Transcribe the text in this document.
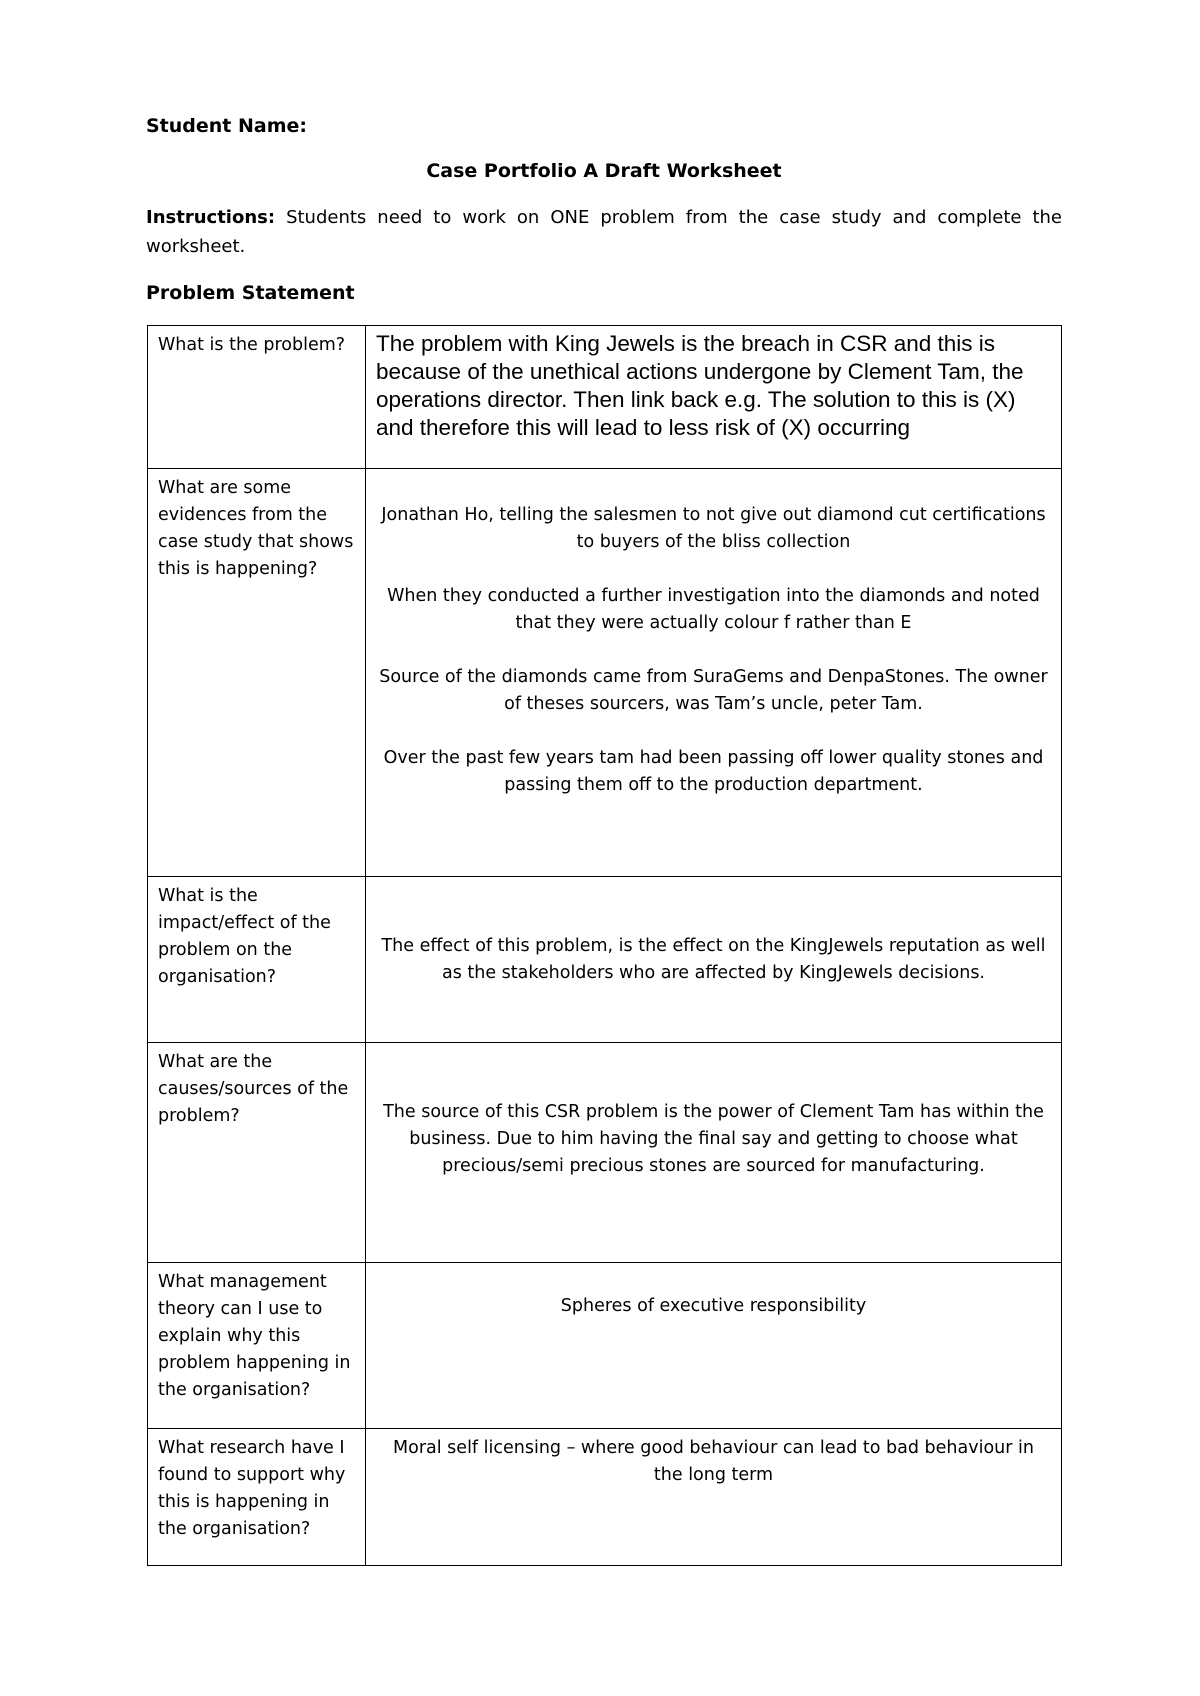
Student Name:
Case Portfolio A Draft Worksheet
Instructions: Students need to work on ONE problem from the case study and complete the worksheet.
Problem Statement
What is the problem?	The problem with King Jewels is the breach in CSR and this is because of the unethical actions undergone by Clement Tam, the operations director. Then link back e.g. The solution to this is (X) and therefore this will lead to less risk of (X) occurring
What are some evidences from the case study that shows this is happening?	Jonathan Ho, telling the salesmen to not give out diamond cut certifications to buyers of the bliss collection

When they conducted a further investigation into the diamonds and noted that they were actually colour f rather than E

Source of the diamonds came from SuraGems and DenpaStones. The owner of theses sourcers, was Tam’s uncle, peter Tam.

Over the past few years tam had been passing off lower quality stones and passing them off to the production department.

What is the impact/effect of the problem on the organisation?	The effect of this problem, is the effect on the KingJewels reputation as well as the stakeholders who are affected by KingJewels decisions.

What are the causes/sources of the problem?	The source of this CSR problem is the power of Clement Tam has within the business. Due to him having the final say and getting to choose what precious/semi precious stones are sourced for manufacturing.

What management theory can I use to explain why this problem happening in the organisation?	Spheres of executive responsibility

What research have I found to support why this is happening in the organisation?	Moral self licensing – where good behaviour can lead to bad behaviour in the long term
